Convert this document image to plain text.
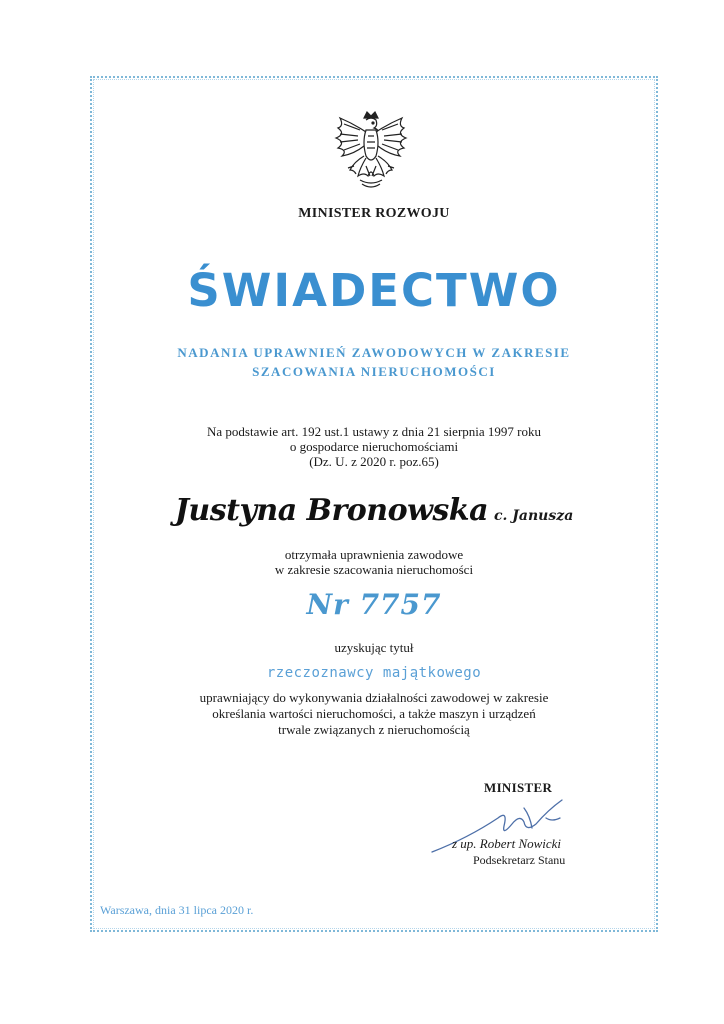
MINISTER ROZWOJU
ŚWIADECTWO
NADANIA UPRAWNIEŃ ZAWODOWYCH W ZAKRESIE
SZACOWANIA NIERUCHOMOŚCI
Na podstawie art. 192 ust.1 ustawy z dnia 21 sierpnia 1997 roku
o gospodarce nieruchomościami
(Dz. U. z 2020 r. poz.65)
Justyna Bronowska c. Janusza
otrzymała uprawnienia zawodowe
w zakresie szacowania nieruchomości
Nr 7757
uzyskując tytuł
rzeczoznawcy majątkowego
uprawniający do wykonywania działalności zawodowej w zakresie
określania wartości nieruchomości, a także maszyn i urządzeń
trwale związanych z nieruchomością
MINISTER
z up. Robert Nowicki
Podsekretarz Stanu
Warszawa, dnia 31 lipca 2020 r.
